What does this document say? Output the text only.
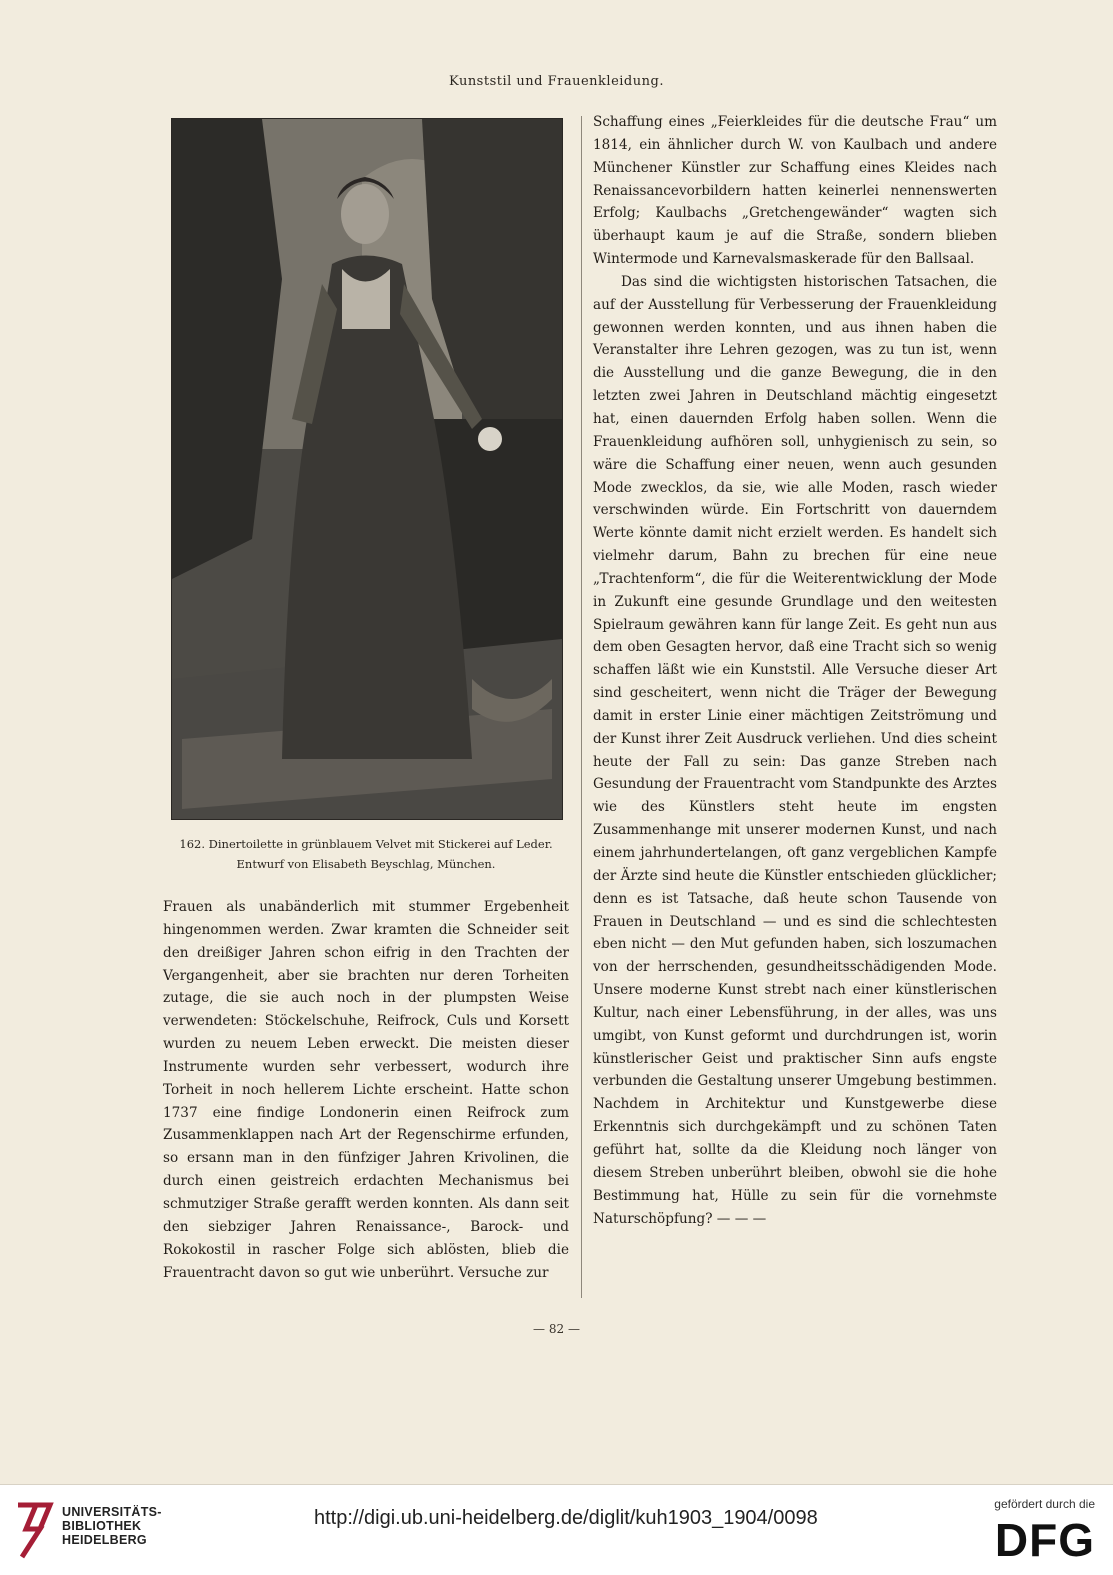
Kunststil und Frauenkleidung.

162. Dinertoilette in grünblauem Velvet mit Stickerei auf Leder.

Entwurf von Elisabeth Beyschlag, München.

Frauen als unabänderlich mit stummer Ergebenheit hingenommen werden. Zwar kramten die Schneider seit den dreißiger Jahren schon eifrig in den Trachten der Vergangenheit, aber sie brachten nur deren Torheiten zutage, die sie auch noch in der plumpsten Weise verwendeten: Stöckelschuhe, Reifrock, Culs und Korsett wurden zu neuem Leben erweckt. Die meisten dieser Instrumente wurden sehr verbessert, wodurch ihre Torheit in noch hellerem Lichte erscheint. Hatte schon 1737 eine findige Londonerin einen Reifrock zum Zusammenklappen nach Art der Regenschirme erfunden, so ersann man in den fünfziger Jahren Krivolinen, die durch einen geistreich erdachten Mechanismus bei schmutziger Straße gerafft werden konnten. Als dann seit den siebziger Jahren Renaissance-, Barock- und Rokokostil in rascher Folge sich ablösten, blieb die Frauentracht davon so gut wie unberührt. Versuche zur

Schaffung eines „Feierkleides für die deutsche Frau“ um 1814, ein ähnlicher durch W. von Kaulbach und andere Münchener Künstler zur Schaffung eines Kleides nach Renaissancevorbildern hatten keinerlei nennenswerten Erfolg; Kaulbachs „Gretchengewänder“ wagten sich überhaupt kaum je auf die Straße, sondern blieben Wintermode und Karnevalsmaskerade für den Ballsaal.

Das sind die wichtigsten historischen Tatsachen, die auf der Ausstellung für Verbesserung der Frauenkleidung gewonnen werden konnten, und aus ihnen haben die Veranstalter ihre Lehren gezogen, was zu tun ist, wenn die Ausstellung und die ganze Bewegung, die in den letzten zwei Jahren in Deutschland mächtig eingesetzt hat, einen dauernden Erfolg haben sollen. Wenn die Frauenkleidung aufhören soll, unhygienisch zu sein, so wäre die Schaffung einer neuen, wenn auch gesunden Mode zwecklos, da sie, wie alle Moden, rasch wieder verschwinden würde. Ein Fortschritt von dauerndem Werte könnte damit nicht erzielt werden. Es handelt sich vielmehr darum, Bahn zu brechen für eine neue „Trachtenform“, die für die Weiterentwicklung der Mode in Zukunft eine gesunde Grundlage und den weitesten Spielraum gewähren kann für lange Zeit. Es geht nun aus dem oben Gesagten hervor, daß eine Tracht sich so wenig schaffen läßt wie ein Kunststil. Alle Versuche dieser Art sind gescheitert, wenn nicht die Träger der Bewegung damit in erster Linie einer mächtigen Zeitströmung und der Kunst ihrer Zeit Ausdruck verliehen. Und dies scheint heute der Fall zu sein: Das ganze Streben nach Gesundung der Frauentracht vom Standpunkte des Arztes wie des Künstlers steht heute im engsten Zusammenhange mit unserer modernen Kunst, und nach einem jahrhundertelangen, oft ganz vergeblichen Kampfe der Ärzte sind heute die Künstler entschieden glücklicher; denn es ist Tatsache, daß heute schon Tausende von Frauen in Deutschland — und es sind die schlechtesten eben nicht — den Mut gefunden haben, sich loszumachen von der herrschenden, gesundheitsschädigenden Mode. Unsere moderne Kunst strebt nach einer künstlerischen Kultur, nach einer Lebensführung, in der alles, was uns umgibt, von Kunst geformt und durchdrungen ist, worin künstlerischer Geist und praktischer Sinn aufs engste verbunden die Gestaltung unserer Umgebung bestimmen. Nachdem in Architektur und Kunstgewerbe diese Erkenntnis sich durchgekämpft und zu schönen Taten geführt hat, sollte da die Kleidung noch länger von diesem Streben unberührt bleiben, obwohl sie die hohe Bestimmung hat, Hülle zu sein für die vornehmste Naturschöpfung? — — —

— 82 —
UNIVERSITÄTS-
BIBLIOTHEK
HEIDELBERG
http://digi.ub.uni-heidelberg.de/diglit/kuh1903_1904/0098
gefördert durch die
DFG
